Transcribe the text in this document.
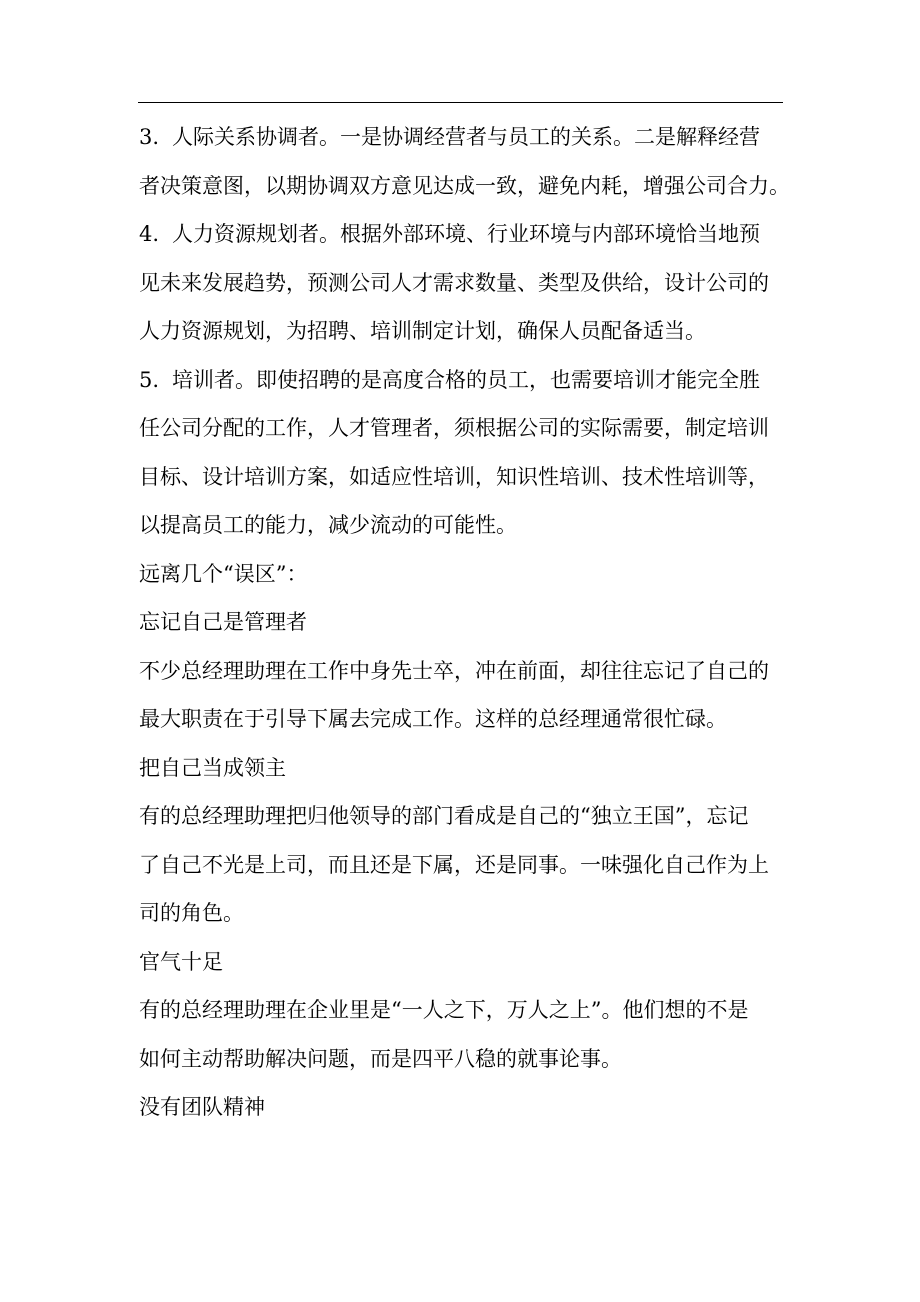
3. 人际关系协调者。一是协调经营者与员工的关系。二是解释经营
者决策意图，以期协调双方意见达成一致，避免内耗，增强公司合力。
4. 人力资源规划者。根据外部环境、行业环境与内部环境恰当地预
见未来发展趋势，预测公司人才需求数量、类型及供给，设计公司的
人力资源规划，为招聘、培训制定计划，确保人员配备适当。
5. 培训者。即使招聘的是高度合格的员工，也需要培训才能完全胜
任公司分配的工作，人才管理者，须根据公司的实际需要，制定培训
目标、设计培训方案，如适应性培训，知识性培训、技术性培训等，
以提高员工的能力，减少流动的可能性。
远离几个“误区”：
忘记自己是管理者
不少总经理助理在工作中身先士卒，冲在前面，却往往忘记了自己的
最大职责在于引导下属去完成工作。这样的总经理通常很忙碌。
把自己当成领主
有的总经理助理把归他领导的部门看成是自己的“独立王国”，忘记
了自己不光是上司，而且还是下属，还是同事。一味强化自己作为上
司的角色。
官气十足
有的总经理助理在企业里是“一人之下，万人之上”。他们想的不是
如何主动帮助解决问题，而是四平八稳的就事论事。
没有团队精神
